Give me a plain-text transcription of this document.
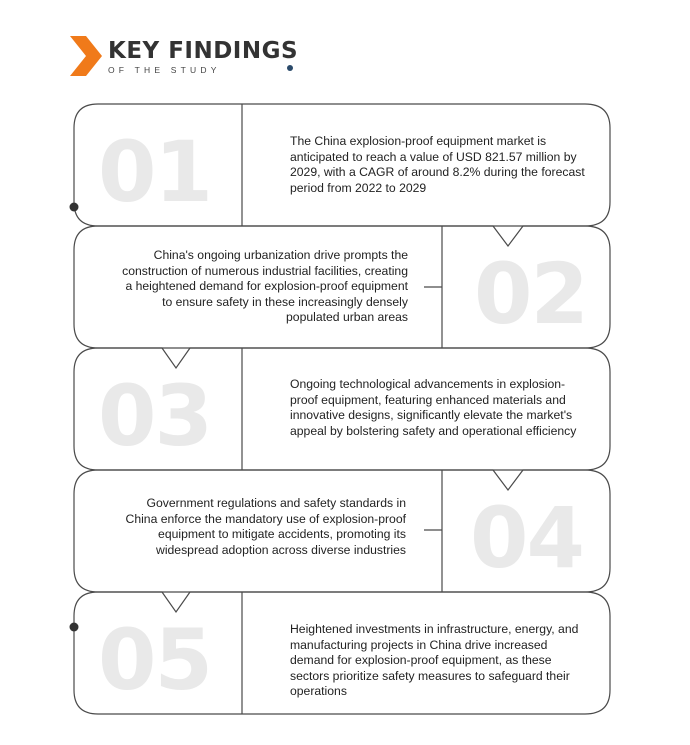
KEY FINDINGS
OF THE STUDY
01	The China explosion-proof equipment market is anticipated to reach a value of USD 821.57 million by 2029, with a CAGR of around 8.2% during the forecast period from 2022 to 2029
02
China's ongoing urbanization drive prompts the construction of numerous industrial facilities, creating a heightened demand for explosion-proof equipment to ensure safety in these increasingly densely populated urban areas
03	Ongoing technological advancements in explosion-proof equipment, featuring enhanced materials and innovative designs, significantly elevate the market's appeal by bolstering safety and operational efficiency
04
Government regulations and safety standards in China enforce the mandatory use of explosion-proof equipment to mitigate accidents, promoting its widespread adoption across diverse industries
05	Heightened investments in infrastructure, energy, and manufacturing projects in China drive increased demand for explosion-proof equipment, as these sectors prioritize safety measures to safeguard their operations
